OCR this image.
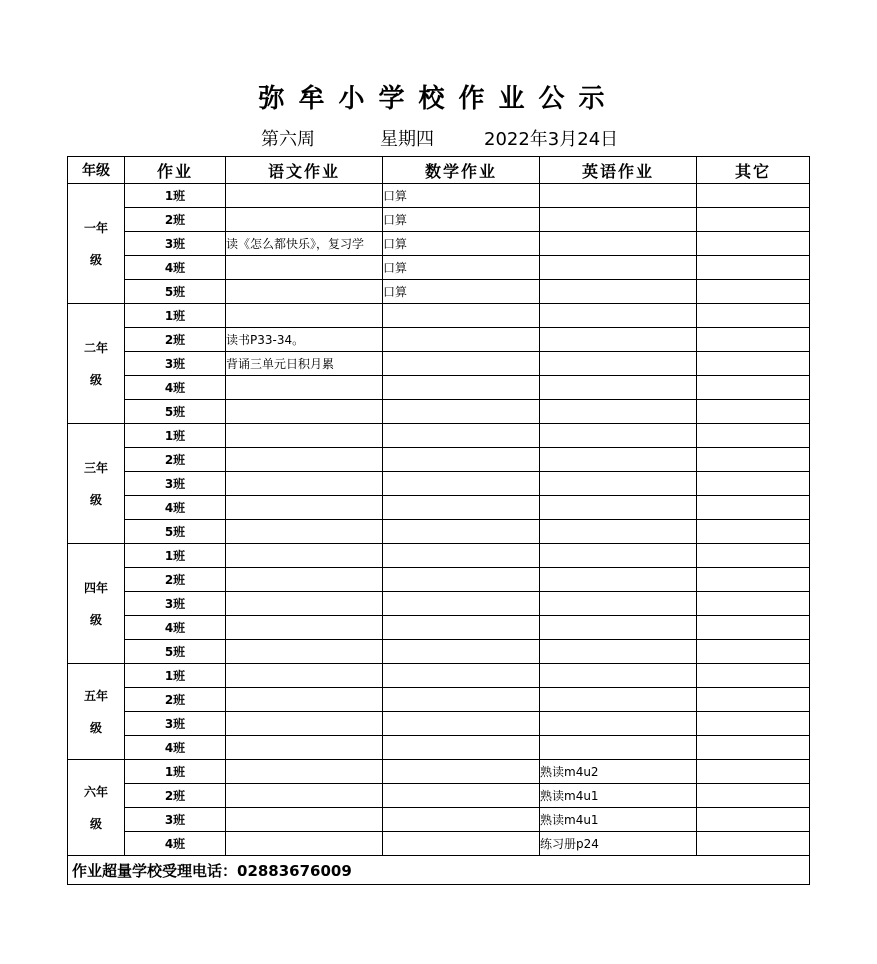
弥牟小学校作业公示
第六周	星期四	2022年3月24日
年级	作业	语文作业	数学作业	英语作业	其它
一年
级	1班		口算		
	2班		口算		
	3班	读《怎么都快乐》，复习学	口算		
	4班		口算		
	5班		口算		
二年
级	1班				
	2班	读书P33-34。			
	3班	背诵三单元日积月累			
	4班				
	5班				
三年
级	1班				
	2班				
	3班				
	4班				
	5班				
四年
级	1班				
	2班				
	3班				
	4班				
	5班				
五年
级	1班				
	2班				
	3班				
	4班				
六年
级	1班			熟读m4u2	
	2班			熟读m4u1	
	3班			熟读m4u1	
	4班			练习册p24	
作业超量学校受理电话：02883676009					
